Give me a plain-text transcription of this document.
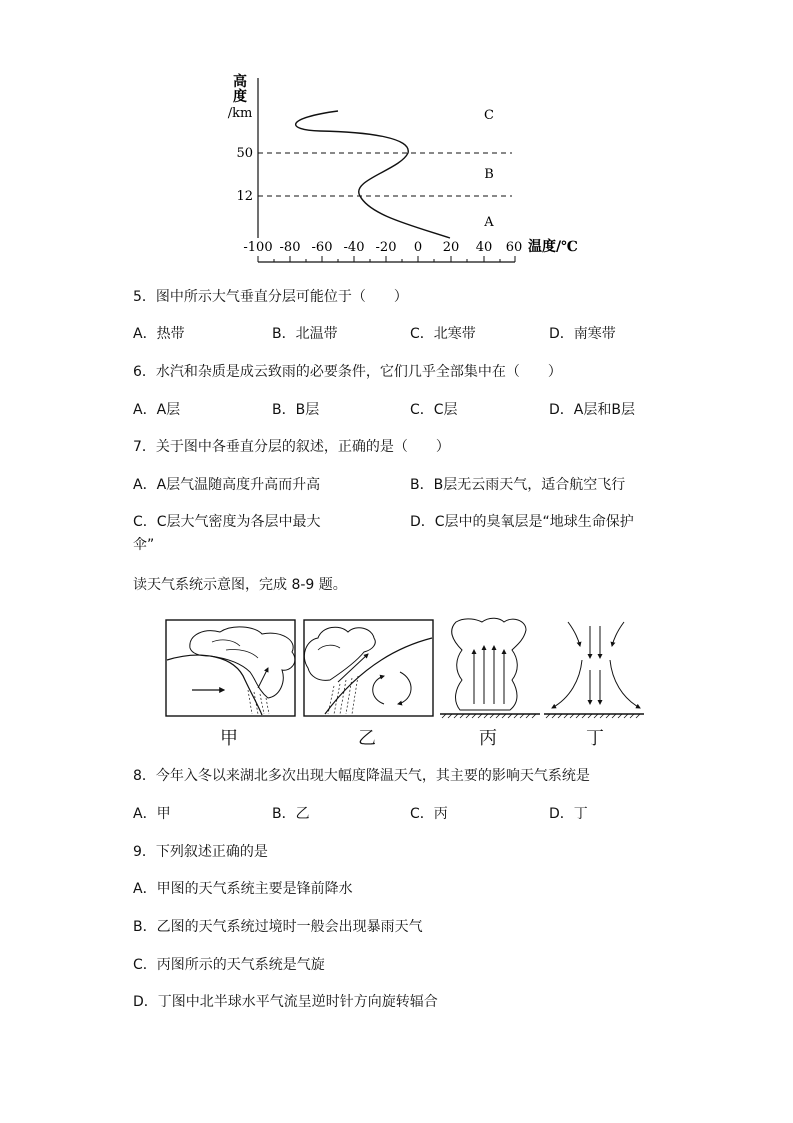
高
度
/km
50
12
C
B
A
-100 -80 -60 -40 -20 0 20 40 60 温度/℃
5．图中所示大气垂直分层可能位于（　　）
A．热带	B．北温带	C．北寒带	D．南寒带
6．水汽和杂质是成云致雨的必要条件，它们几乎全部集中在（　　）
A．A层	B．B层	C．C层	D．A层和B层
7．关于图中各垂直分层的叙述，正确的是（　　）
A．A层气温随高度升高而升高	B．B层无云雨天气，适合航空飞行
C．C层大气密度为各层中最大	D．C层中的臭氧层是“地球生命保护
伞”
读天气系统示意图，完成 8-9 题。
甲	乙	丙	丁
8．今年入冬以来湖北多次出现大幅度降温天气，其主要的影响天气系统是
A．甲	B．乙	C．丙	D．丁
9．下列叙述正确的是
A．甲图的天气系统主要是锋前降水
B．乙图的天气系统过境时一般会出现暴雨天气
C．丙图所示的天气系统是气旋
D．丁图中北半球水平气流呈逆时针方向旋转辐合
